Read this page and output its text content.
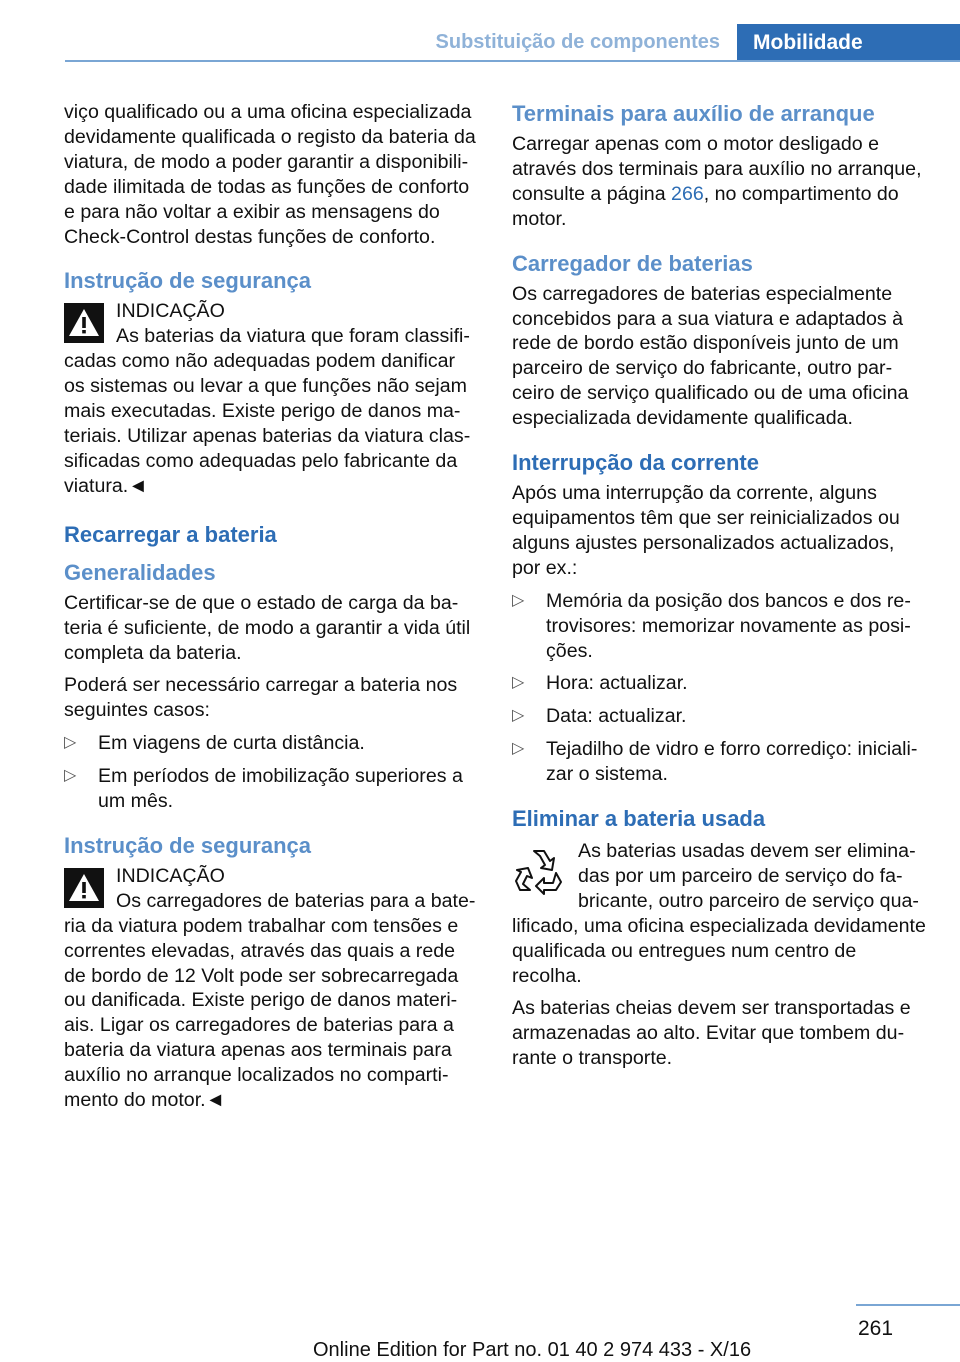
Substituição de componentes Mobilidade

viço qualificado ou a uma oficina especializada devidamente qualificada o registo da bateria da viatura, de modo a poder garantir a disponibilidade ilimitada de todas as funções de conforto e para não voltar a exibir as mensagens do Check-Control destas funções de conforto.

Instrução de segurança
INDICAÇÃO
As baterias da viatura que foram classificadas como não adequadas podem danificar os sistemas ou levar a que funções não sejam mais executadas. Existe perigo de danos materiais. Utilizar apenas baterias da viatura classificadas como adequadas pelo fabricante da viatura.◄
Recarregar a bateria
Generalidades

Certificar-se de que o estado de carga da bateria é suficiente, de modo a garantir a vida útil completa da bateria.

Poderá ser necessário carregar a bateria nos seguintes casos:

▷ Em viagens de curta distância.
▷ Em períodos de imobilização superiores a um mês.
Instrução de segurança
INDICAÇÃO
Os carregadores de baterias para a bateria da viatura podem trabalhar com tensões e correntes elevadas, através das quais a rede de bordo de 12 Volt pode ser sobrecarregada ou danificada. Existe perigo de danos materiais. Ligar os carregadores de baterias para a bateria da viatura apenas aos terminais para auxílio no arranque localizados no compartimento do motor.◄
Terminais para auxílio de arranque

Carregar apenas com o motor desligado e através dos terminais para auxílio no arranque, consulte a página 266, no compartimento do motor.

Carregador de baterias

Os carregadores de baterias especialmente concebidos para a sua viatura e adaptados à rede de bordo estão disponíveis junto de um parceiro de serviço do fabricante, outro parceiro de serviço qualificado ou de uma oficina especializada devidamente qualificada.

Interrupção da corrente

Após uma interrupção da corrente, alguns equipamentos têm que ser reinicializados ou alguns ajustes personalizados actualizados, por ex.:

▷ Memória da posição dos bancos e dos retrovisores: memorizar novamente as posições.
▷ Hora: actualizar.
▷ Data: actualizar.
▷ Tejadilho de vidro e forro corrediço: inicializar o sistema.
Eliminar a bateria usada

As baterias usadas devem ser eliminadas por um parceiro de serviço do fabricante, outro parceiro de serviço qualificado, uma oficina especializada devidamente qualificada ou entregues num centro de recolha.

As baterias cheias devem ser transportadas e armazenadas ao alto. Evitar que tombem durante o transporte.

261
Online Edition for Part no. 01 40 2 974 433 - X/16
